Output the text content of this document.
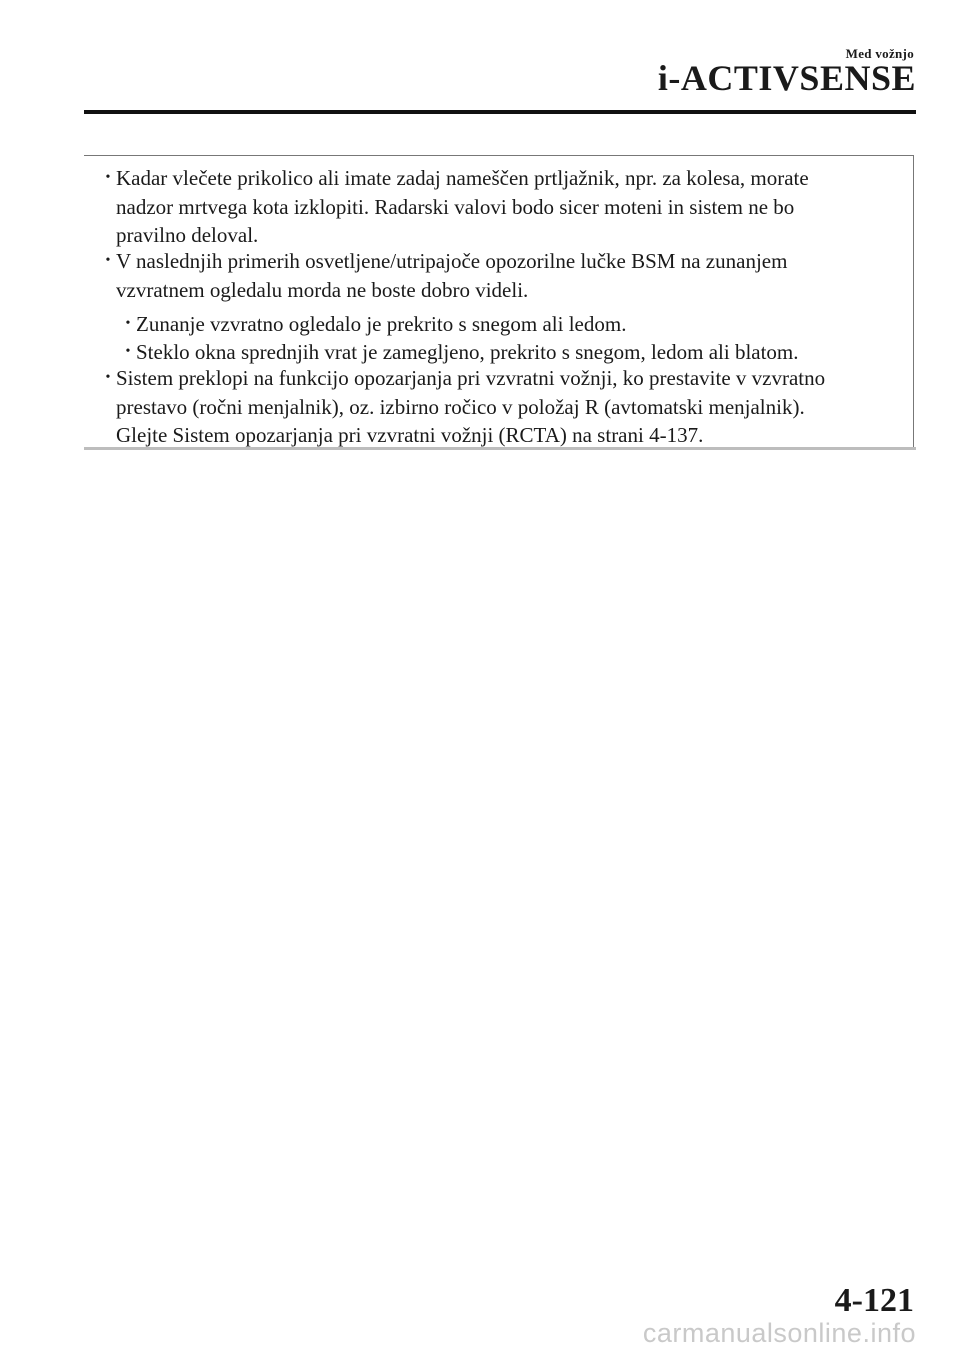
Med vožnjo
i-ACTIVSENSE
• Kadar vlečete prikolico ali imate zadaj nameščen prtljažnik, npr. za kolesa, morate
nadzor mrtvega kota izklopiti. Radarski valovi bodo sicer moteni in sistem ne bo
pravilno deloval.
• V naslednjih primerih osvetljene/utripajoče opozorilne lučke BSM na zunanjem
vzvratnem ogledalu morda ne boste dobro videli.
• Zunanje vzvratno ogledalo je prekrito s snegom ali ledom.
• Steklo okna sprednjih vrat je zamegljeno, prekrito s snegom, ledom ali blatom.
• Sistem preklopi na funkcijo opozarjanja pri vzvratni vožnji, ko prestavite v vzvratno
prestavo (ročni menjalnik), oz. izbirno ročico v položaj R (avtomatski menjalnik).
Glejte Sistem opozarjanja pri vzvratni vožnji (RCTA) na strani 4-137.
4-121
carmanualsonline.info
